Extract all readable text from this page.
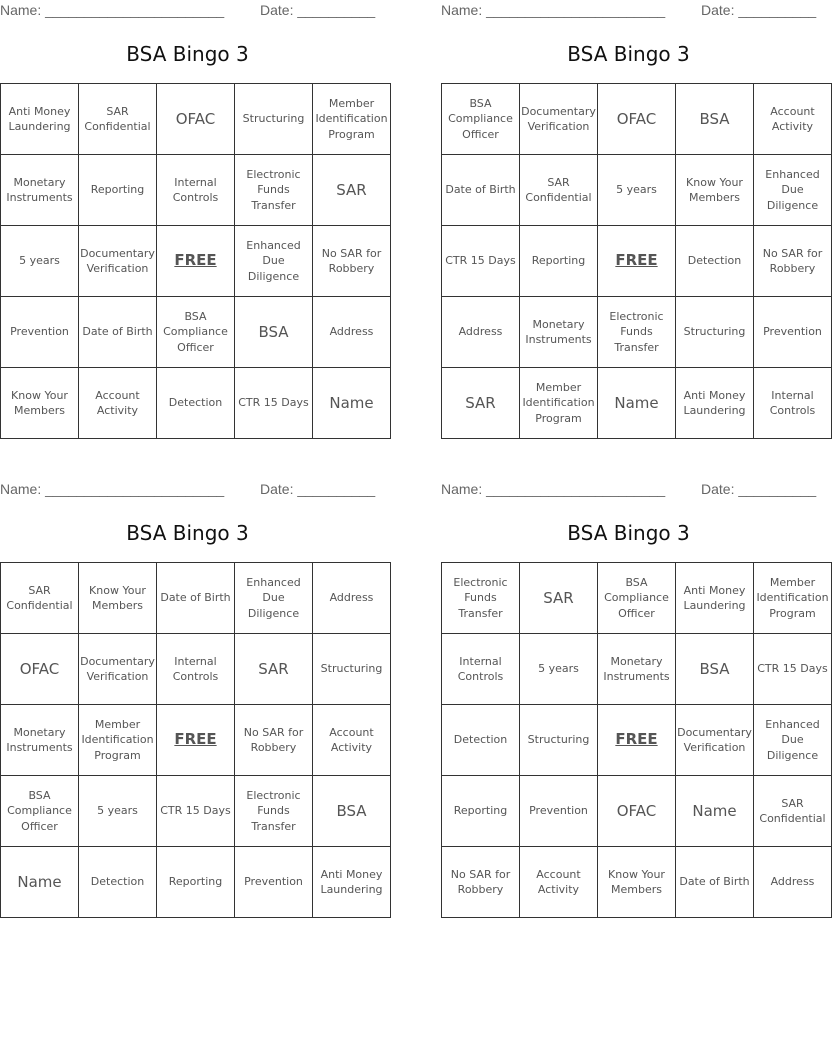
Name: _______________________	Date: __________
BSA Bingo 3
Anti Money Laundering	SAR Confidential	OFAC	Structuring	Member Identification Program
Monetary Instruments	Reporting	Internal Controls	Electronic Funds Transfer	SAR
5 years	Documentary Verification	FREE	Enhanced Due Diligence	No SAR for Robbery
Prevention	Date of Birth	BSA Compliance Officer	BSA	Address
Know Your Members	Account Activity	Detection	CTR 15 Days	Name
Name: _______________________	Date: __________
BSA Bingo 3
BSA Compliance Officer	Documentary Verification	OFAC	BSA	Account Activity
Date of Birth	SAR Confidential	5 years	Know Your Members	Enhanced Due Diligence
CTR 15 Days	Reporting	FREE	Detection	No SAR for Robbery
Address	Monetary Instruments	Electronic Funds Transfer	Structuring	Prevention
SAR	Member Identification Program	Name	Anti Money Laundering	Internal Controls
Name: _______________________	Date: __________
BSA Bingo 3
SAR Confidential	Know Your Members	Date of Birth	Enhanced Due Diligence	Address
OFAC	Documentary Verification	Internal Controls	SAR	Structuring
Monetary Instruments	Member Identification Program	FREE	No SAR for Robbery	Account Activity
BSA Compliance Officer	5 years	CTR 15 Days	Electronic Funds Transfer	BSA
Name	Detection	Reporting	Prevention	Anti Money Laundering
Name: _______________________	Date: __________
BSA Bingo 3
Electronic Funds Transfer	SAR	BSA Compliance Officer	Anti Money Laundering	Member Identification Program
Internal Controls	5 years	Monetary Instruments	BSA	CTR 15 Days
Detection	Structuring	FREE	Documentary Verification	Enhanced Due Diligence
Reporting	Prevention	OFAC	Name	SAR Confidential
No SAR for Robbery	Account Activity	Know Your Members	Date of Birth	Address
